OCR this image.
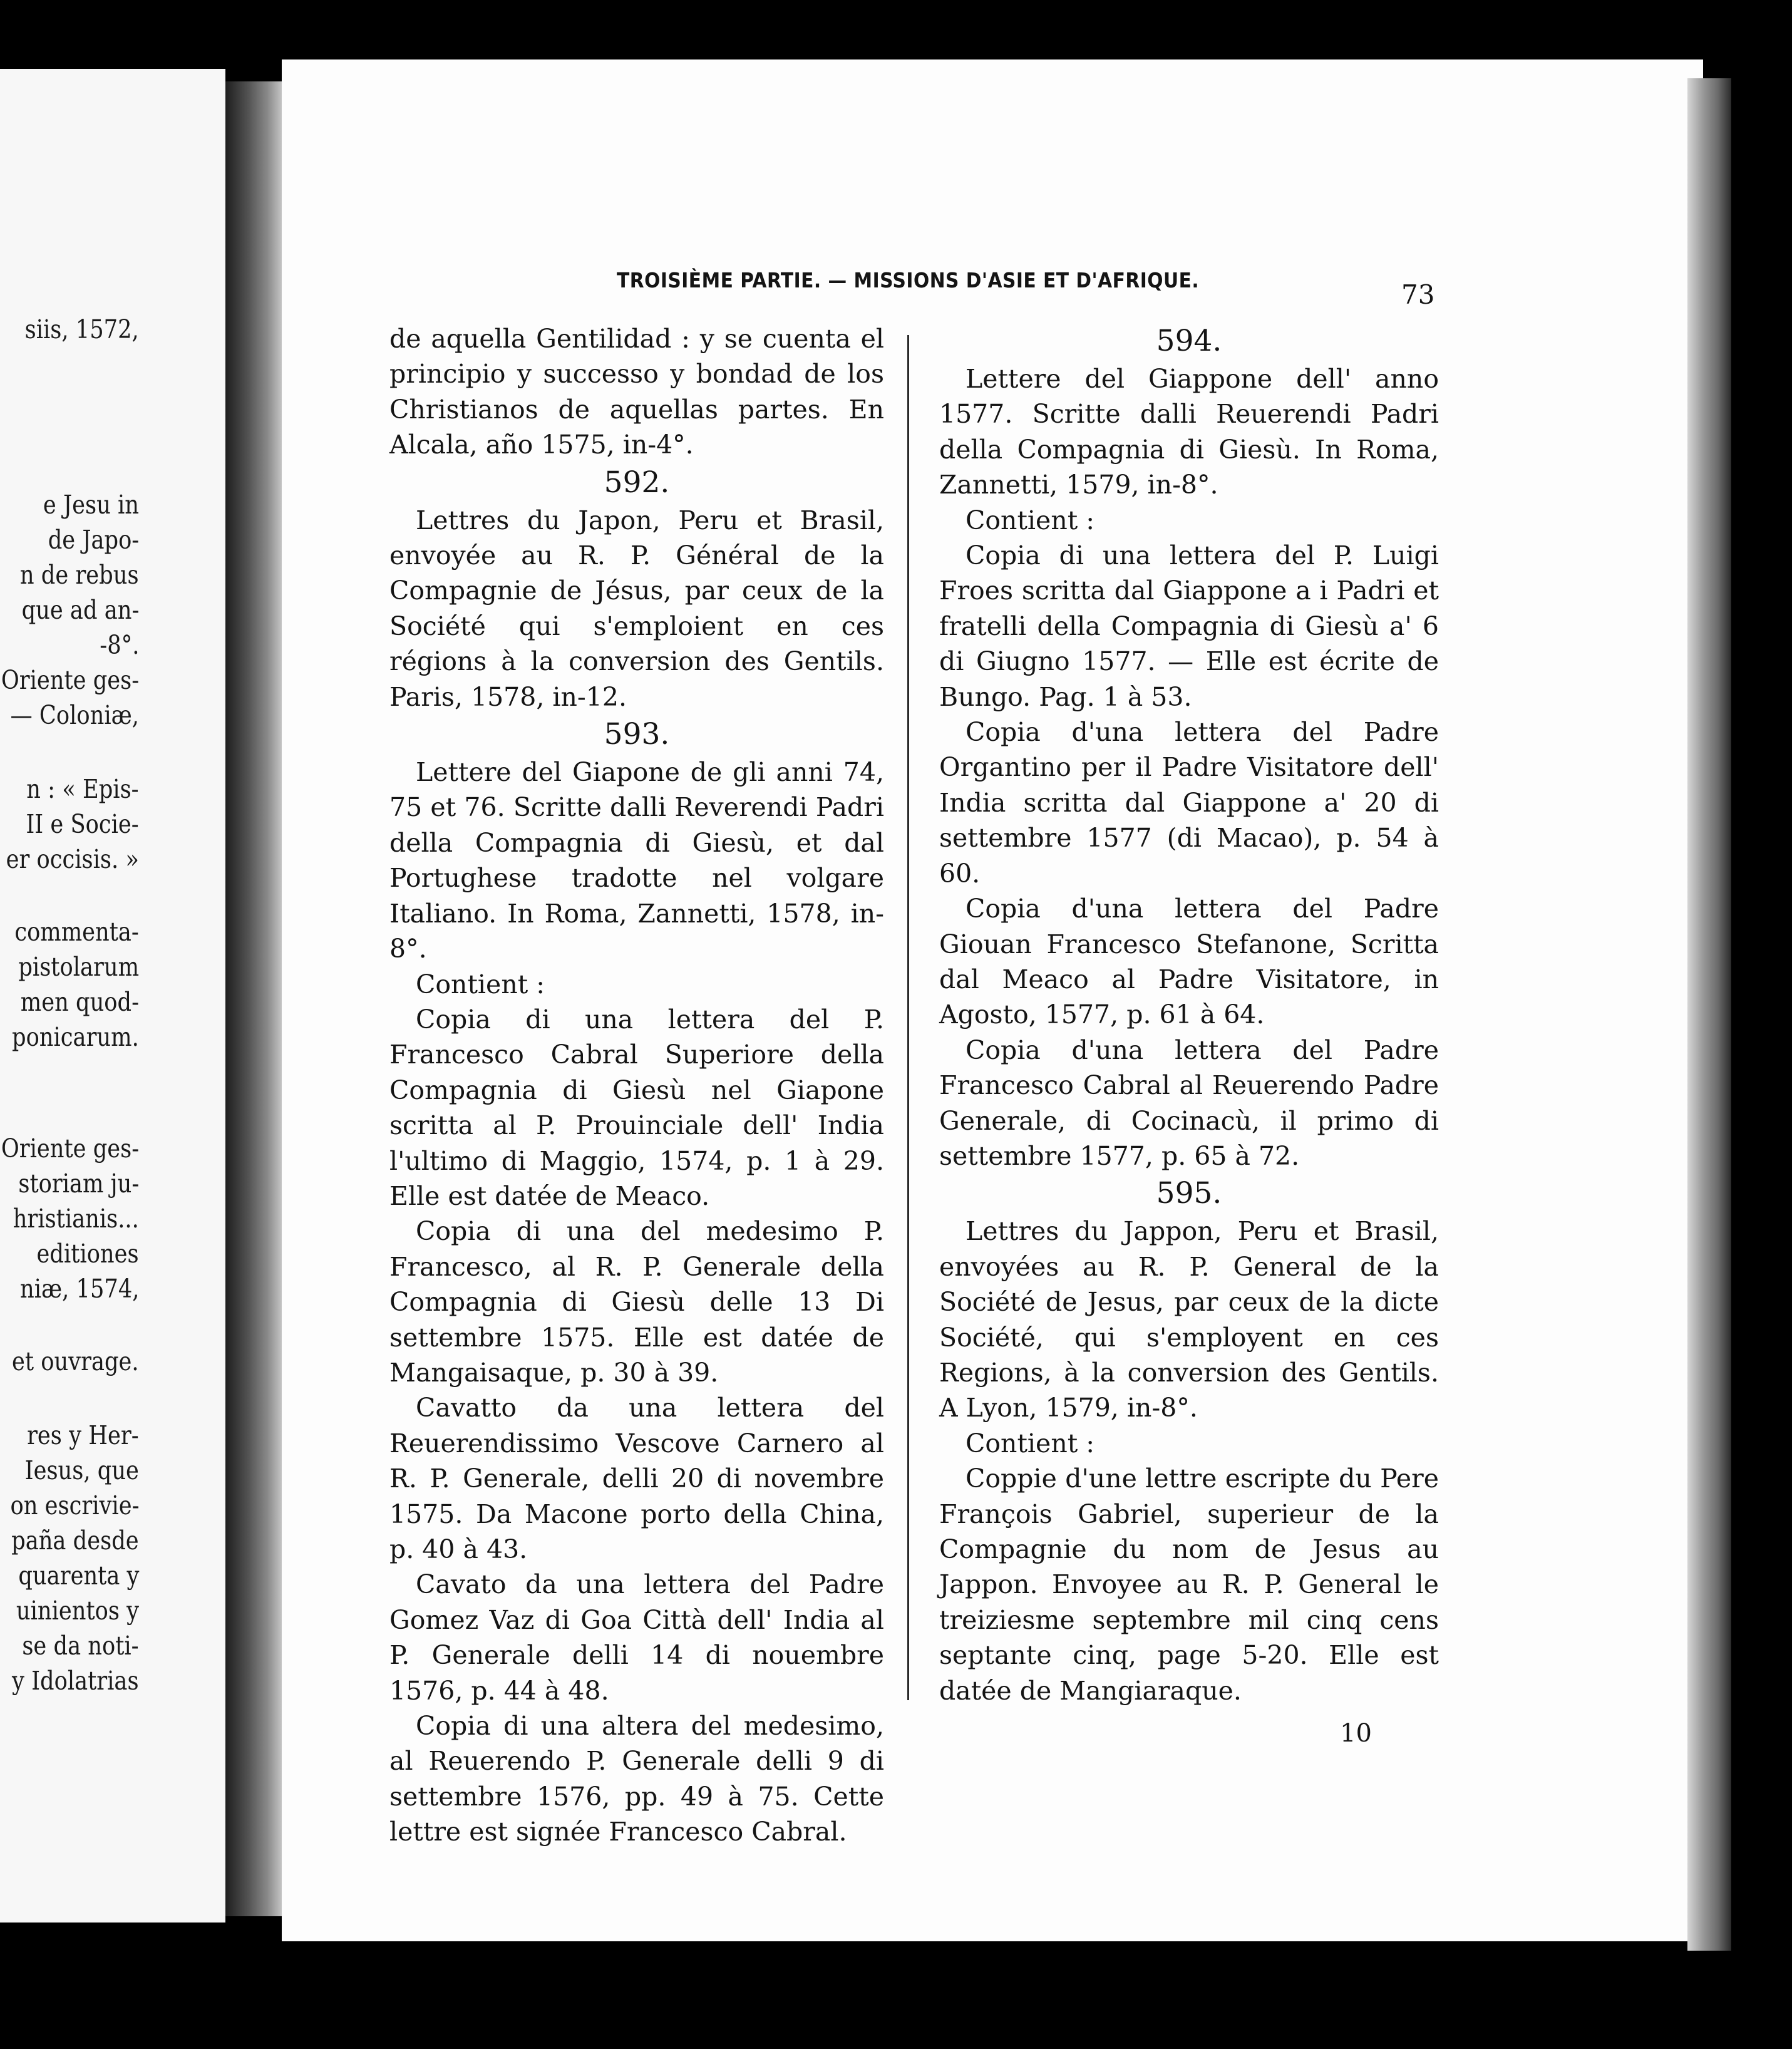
siis, 1572,
e Jesu in
de Japo-
n de rebus
que ad an-
-8°.
Oriente ges-
— Coloniæ,
n : « Epis-
II e Socie-
er occisis. »
commenta-
pistolarum
men quod-
ponicarum.
Oriente ges-
storiam ju-
hristianis...
editiones
niæ, 1574,
et ouvrage.
res y Her-
Iesus, que
on escrivie-
paña desde
quarenta y
uinientos y
se da noti-
y Idolatrias
TROISIÈME PARTIE. — MISSIONS D'ASIE ET D'AFRIQUE.	73

de aquella Gentilidad : y se cuenta el principio y successo y bondad de los Christianos de aquellas partes. En Alcala, año 1575, in-4°.

592.

Lettres du Japon, Peru et Brasil, envoyée au R. P. Général de la Compagnie de Jésus, par ceux de la Société qui s'emploient en ces régions à la conversion des Gentils. Paris, 1578, in-12.

593.

Lettere del Giapone de gli anni 74, 75 et 76. Scritte dalli Reverendi Padri della Compagnia di Giesù, et dal Portughese tradotte nel volgare Italiano. In Roma, Zannetti, 1578, in-8°.

Contient :

Copia di una lettera del P. Francesco Cabral Superiore della Compagnia di Giesù nel Giapone scritta al P. Prouinciale dell' India l'ultimo di Maggio, 1574, p. 1 à 29. Elle est datée de Meaco.

Copia di una del medesimo P. Francesco, al R. P. Generale della Compagnia di Giesù delle 13 Di settembre 1575. Elle est datée de Mangaisaque, p. 30 à 39.

Cavatto da una lettera del Reuerendissimo Vescove Carnero al R. P. Generale, delli 20 di novembre 1575. Da Macone porto della China, p. 40 à 43.

Cavato da una lettera del Padre Gomez Vaz di Goa Città dell' India al P. Generale delli 14 di nouembre 1576, p. 44 à 48.

Copia di una altera del medesimo, al Reuerendo P. Generale delli 9 di settembre 1576, pp. 49 à 75. Cette lettre est signée Francesco Cabral.

594.

Lettere del Giappone dell' anno 1577. Scritte dalli Reuerendi Padri della Compagnia di Giesù. In Roma, Zannetti, 1579, in-8°.

Contient :

Copia di una lettera del P. Luigi Froes scritta dal Giappone a i Padri et fratelli della Compagnia di Giesù a' 6 di Giugno 1577. — Elle est écrite de Bungo. Pag. 1 à 53.

Copia d'una lettera del Padre Organtino per il Padre Visitatore dell' India scritta dal Giappone a' 20 di settembre 1577 (di Macao), p. 54 à 60.

Copia d'una lettera del Padre Giouan Francesco Stefanone, Scritta dal Meaco al Padre Visitatore, in Agosto, 1577, p. 61 à 64.

Copia d'una lettera del Padre Francesco Cabral al Reuerendo Padre Generale, di Cocinacù, il primo di settembre 1577, p. 65 à 72.

595.

Lettres du Jappon, Peru et Brasil, envoyées au R. P. General de la Société de Jesus, par ceux de la dicte Société, qui s'employent en ces Regions, à la conversion des Gentils. A Lyon, 1579, in-8°.

Contient :

Coppie d'une lettre escripte du Pere François Gabriel, superieur de la Compagnie du nom de Jesus au Jappon. Envoyee au R. P. General le treiziesme septembre mil cinq cens septante cinq, page 5-20. Elle est datée de Mangiaraque.

10
